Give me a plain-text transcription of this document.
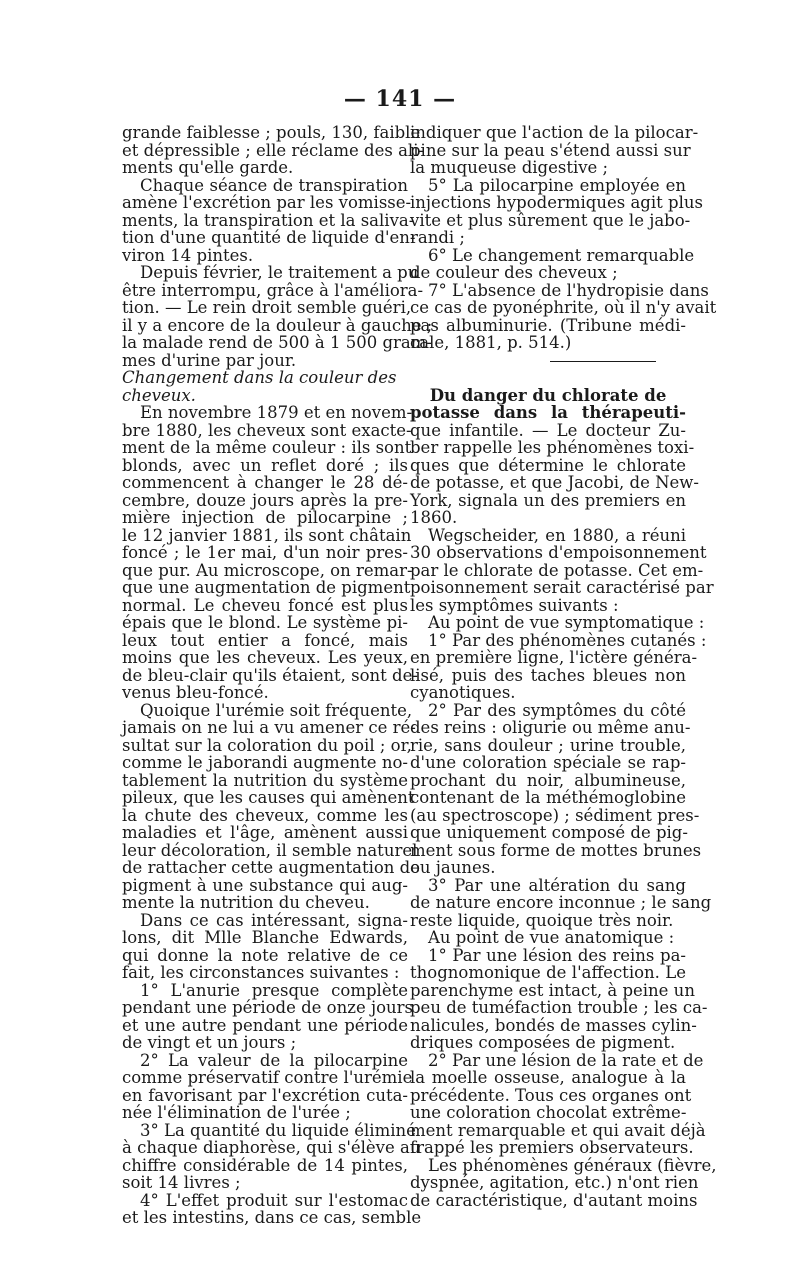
— 141 —
grande faiblesse ; pouls, 130, faible
et dépressible ; elle réclame des ali-
ments qu'elle garde.
Chaque séance de transpiration
amène l'excrétion par les vomisse-
ments, la transpiration et la saliva-
tion d'une quantité de liquide d'en-
viron 14 pintes.
Depuis février, le traitement a pu
être interrompu, grâce à l'améliora-
tion. — Le rein droit semble guéri,
il y a encore de la douleur à gauche ;
la malade rend de 500 à 1 500 gram-
mes d'urine par jour.
Changement dans la couleur des
cheveux.
En novembre 1879 et en novem-
bre 1880, les cheveux sont exacte-
ment de la même couleur : ils sont
blonds, avec un reflet doré ; ils
commencent à changer le 28 dé-
cembre, douze jours après la pre-
mière injection de pilocarpine ;
le 12 janvier 1881, ils sont châtain
foncé ; le 1er mai, d'un noir pres-
que pur. Au microscope, on remar-
que une augmentation de pigment
normal. Le cheveu foncé est plus
épais que le blond. Le système pi-
leux tout entier a foncé, mais
moins que les cheveux. Les yeux,
de bleu-clair qu'ils étaient, sont de-
venus bleu-foncé.
Quoique l'urémie soit fréquente,
jamais on ne lui a vu amener ce ré-
sultat sur la coloration du poil ; or,
comme le jaborandi augmente no-
tablement la nutrition du système
pileux, que les causes qui amènent
la chute des cheveux, comme les
maladies et l'âge, amènent aussi
leur décoloration, il semble naturel
de rattacher cette augmentation de
pigment à une substance qui aug-
mente la nutrition du cheveu.
Dans ce cas intéressant, signa-
lons, dit Mlle Blanche Edwards,
qui donne la note relative de ce
fait, les circonstances suivantes :
1° L'anurie presque complète
pendant une période de onze jours
et une autre pendant une période
de vingt et un jours ;
2° La valeur de la pilocarpine
comme préservatif contre l'urémie
en favorisant par l'excrétion cuta-
née l'élimination de l'urée ;
3° La quantité du liquide éliminé
à chaque diaphorèse, qui s'élève au
chiffre considérable de 14 pintes,
soit 14 livres ;
4° L'effet produit sur l'estomac
et les intestins, dans ce cas, semble
indiquer que l'action de la pilocar-
pine sur la peau s'étend aussi sur
la muqueuse digestive ;
5° La pilocarpine employée en
injections hypodermiques agit plus
vite et plus sûrement que le jabo-
randi ;
6° Le changement remarquable
de couleur des cheveux ;
7° L'absence de l'hydropisie dans
ce cas de pyonéphrite, où il n'y avait
pas albuminurie. (Tribune médi-
cale, 1881, p. 514.)
Du danger du chlorate de
potasse dans la thérapeuti-
que infantile. — Le docteur Zu-
ber rappelle les phénomènes toxi-
ques que détermine le chlorate
de potasse, et que Jacobi, de New-
York, signala un des premiers en
1860.
Wegscheider, en 1880, a réuni
30 observations d'empoisonnement
par le chlorate de potasse. Cet em-
poisonnement serait caractérisé par
les symptômes suivants :
Au point de vue symptomatique :
1° Par des phénomènes cutanés :
en première ligne, l'ictère généra-
lisé, puis des taches bleues non
cyanotiques.
2° Par des symptômes du côté
des reins : oligurie ou même anu-
rie, sans douleur ; urine trouble,
d'une coloration spéciale se rap-
prochant du noir, albumineuse,
contenant de la méthémoglobine
(au spectroscope) ; sédiment pres-
que uniquement composé de pig-
ment sous forme de mottes brunes
ou jaunes.
3° Par une altération du sang
de nature encore inconnue ; le sang
reste liquide, quoique très noir.
Au point de vue anatomique :
1° Par une lésion des reins pa-
thognomonique de l'affection. Le
parenchyme est intact, à peine un
peu de tuméfaction trouble ; les ca-
nalicules, bondés de masses cylin-
driques composées de pigment.
2° Par une lésion de la rate et de
la moelle osseuse, analogue à la
précédente. Tous ces organes ont
une coloration chocolat extrême-
ment remarquable et qui avait déjà
frappé les premiers observateurs.
Les phénomènes généraux (fièvre,
dyspnée, agitation, etc.) n'ont rien
de caractéristique, d'autant moins
